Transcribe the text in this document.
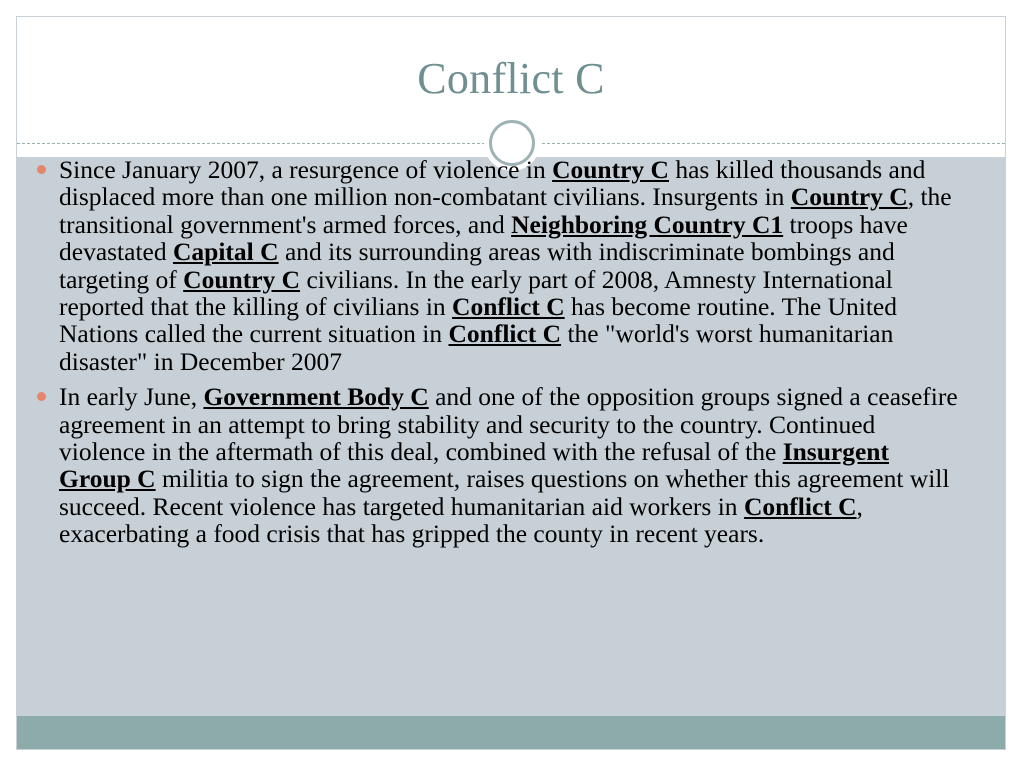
Conflict C
Since January 2007, a resurgence of violence in Country C has killed thousands and displaced more than one million non-combatant civilians. Insurgents in Country C, the transitional government's armed forces, and Neighboring Country C1 troops have devastated Capital C and its surrounding areas with indiscriminate bombings and targeting of Country C civilians. In the early part of 2008, Amnesty International reported that the killing of civilians in Conflict C has become routine. The United Nations called the current situation in Conflict C the "world's worst humanitarian disaster" in December 2007
In early June, Government Body C and one of the opposition groups signed a ceasefire agreement in an attempt to bring stability and security to the country. Continued violence in the aftermath of this deal, combined with the refusal of the Insurgent Group C militia to sign the agreement, raises questions on whether this agreement will succeed. Recent violence has targeted humanitarian aid workers in Conflict C, exacerbating a food crisis that has gripped the county in recent years.
